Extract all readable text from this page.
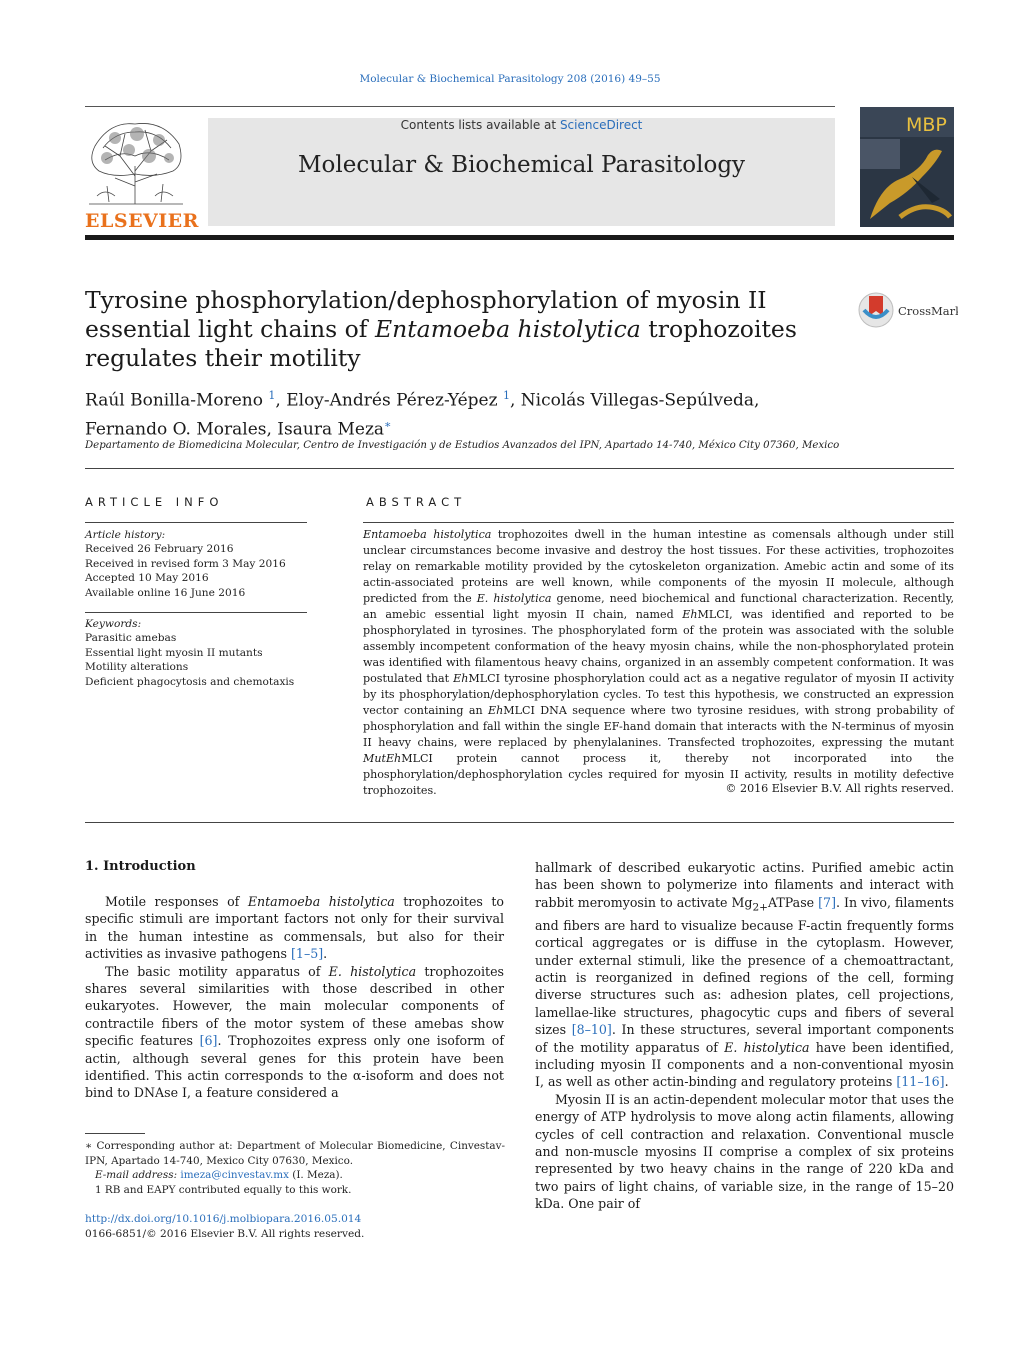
Molecular & Biochemical Parasitology 208 (2016) 49–55
ELSEVIER
Contents lists available at ScienceDirect
Molecular & Biochemical Parasitology
MBP
Tyrosine phosphorylation/dephosphorylation of myosin II essential light chains of Entamoeba histolytica trophozoites regulates their motility
CrossMark
Raúl Bonilla-Moreno $^1$, Eloy-Andrés Pérez-Yépez $^1$, Nicolás Villegas-Sepúlveda,
Fernando O. Morales, Isaura Meza∗
Departamento de Biomedicina Molecular, Centro de Investigación y de Estudios Avanzados del IPN, Apartado 14-740, México City 07360, Mexico
ARTICLE INFO	ABSTRACT
Article history:
Received 26 February 2016
Received in revised form 3 May 2016
Accepted 10 May 2016
Available online 16 June 2016
Keywords:
Parasitic amebas
Essential light myosin II mutants
Motility alterations
Deficient phagocytosis and chemotaxis
Entamoeba histolytica trophozoites dwell in the human intestine as comensals although under still unclear circumstances become invasive and destroy the host tissues. For these activities, trophozoites relay on remarkable motility provided by the cytoskeleton organization. Amebic actin and some of its actin-associated proteins are well known, while components of the myosin II molecule, although predicted from the E. histolytica genome, need biochemical and functional characterization. Recently, an amebic essential light myosin II chain, named EhMLCI, was identified and reported to be phosphorylated in tyrosines. The phosphorylated form of the protein was associated with the soluble assembly incompetent conformation of the heavy myosin chains, while the non-phosphorylated protein was identified with filamentous heavy chains, organized in an assembly competent conformation. It was postulated that EhMLCI tyrosine phosphorylation could act as a negative regulator of myosin II activity by its phosphorylation/dephosphorylation cycles. To test this hypothesis, we constructed an expression vector containing an EhMLCI DNA sequence where two tyrosine residues, with strong probability of phosphorylation and fall within the single EF-hand domain that interacts with the N-terminus of myosin II heavy chains, were replaced by phenylalanines. Transfected trophozoites, expressing the mutant MutEhMLCI protein cannot process it, thereby not incorporated into the phosphorylation/dephosphorylation cycles required for myosin II activity, results in motility defective trophozoites.	© 2016 Elsevier B.V. All rights reserved.
1. Introduction

Motile responses of Entamoeba histolytica trophozoites to specific stimuli are important factors not only for their survival in the human intestine as commensals, but also for their activities as invasive pathogens [1–5].

The basic motility apparatus of E. histolytica trophozoites shares several similarities with those described in other eukaryotes. However, the main molecular components of contractile fibers of the motor system of these amebas show specific features [6]. Trophozoites express only one isoform of actin, although several genes for this protein have been identified. This actin corresponds to the α-isoform and does not bind to DNAse I, a feature considered a

hallmark of described eukaryotic actins. Purified amebic actin has been shown to polymerize into filaments and interact with rabbit meromyosin to activate $Mg_{2+}ATPase$ [7]. In vivo, filaments and fibers are hard to visualize because F-actin frequently forms cortical aggregates or is diffuse in the cytoplasm. However, under external stimuli, like the presence of a chemoattractant, actin is reorganized in defined regions of the cell, forming diverse structures such as: adhesion plates, cell projections, lamellae-like structures, phagocytic cups and fibers of several sizes [8–10]. In these structures, several important components of the motility apparatus of E. histolytica have been identified, including myosin II components and a non-conventional myosin I, as well as other actin-binding and regulatory proteins [11–16].

Myosin II is an actin-dependent molecular motor that uses the energy of ATP hydrolysis to move along actin filaments, allowing cycles of cell contraction and relaxation. Conventional muscle and non-muscle myosins II comprise a complex of six proteins represented by two heavy chains in the range of 220 kDa and two pairs of light chains, of variable size, in the range of 15–20 kDa. One pair of

∗ Corresponding author at: Department of Molecular Biomedicine, Cinvestav-IPN, Apartado 14-740, Mexico City 07630, Mexico.

E-mail address: imeza@cinvestav.mx (I. Meza).

1 RB and EAPY contributed equally to this work.

http://dx.doi.org/10.1016/j.molbiopara.2016.05.014
0166-6851/© 2016 Elsevier B.V. All rights reserved.
